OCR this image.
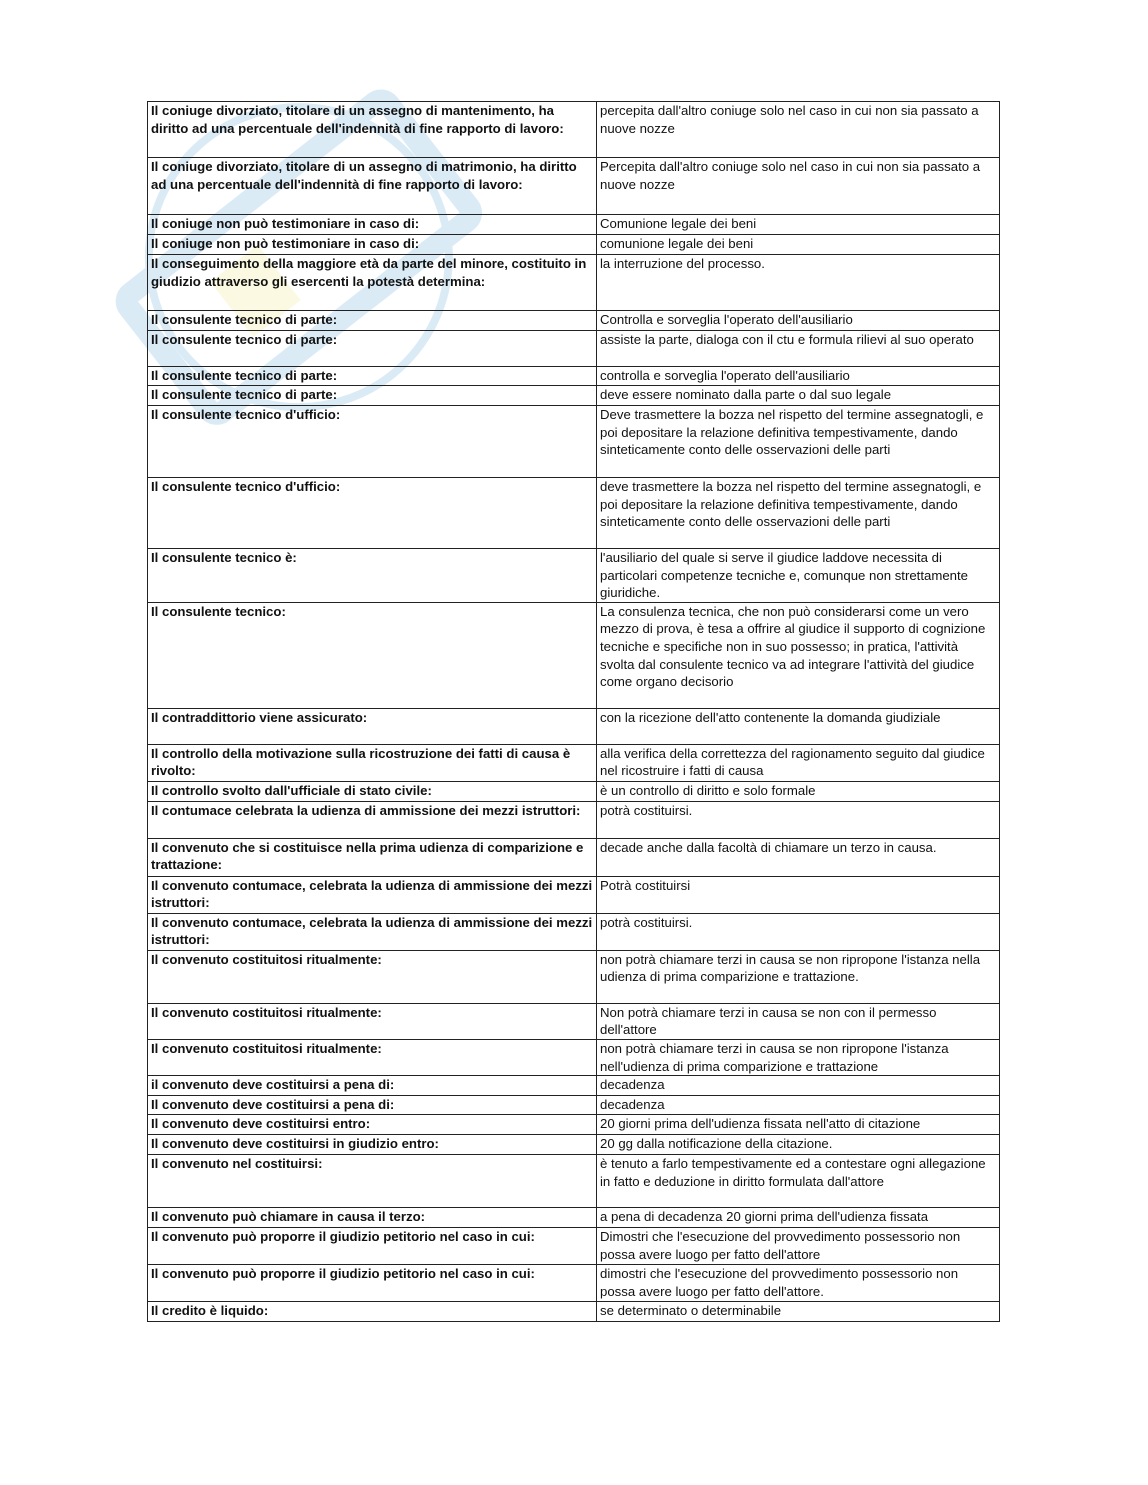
Il coniuge divorziato, titolare di un assegno di mantenimento, ha diritto ad una percentuale dell'indennità di fine rapporto di lavoro:	percepita dall'altro coniuge solo nel caso in cui non sia passato a nuove nozze
Il coniuge divorziato, titolare di un assegno di matrimonio, ha diritto ad una percentuale dell'indennità di fine rapporto di lavoro:	Percepita dall'altro coniuge solo nel caso in cui non sia passato a nuove nozze
Il coniuge non può testimoniare in caso di:	Comunione legale dei beni
Il coniuge non può testimoniare in caso di:	comunione legale dei beni
Il conseguimento della maggiore età da parte del minore, costituito in giudizio attraverso gli esercenti la potestà determina:	la interruzione del processo.
Il consulente tecnico di parte:	Controlla e sorveglia l'operato dell'ausiliario
Il consulente tecnico di parte:	assiste la parte, dialoga con il ctu e formula rilievi al suo operato
Il consulente tecnico di parte:	controlla e sorveglia l'operato dell'ausiliario
Il consulente tecnico di parte:	deve essere nominato dalla parte o dal suo legale
Il consulente tecnico d'ufficio:	Deve trasmettere la bozza nel rispetto del termine assegnatogli, e poi depositare la relazione definitiva tempestivamente, dando sinteticamente conto delle osservazioni delle parti
Il consulente tecnico d'ufficio:	deve trasmettere la bozza nel rispetto del termine assegnatogli, e poi depositare la relazione definitiva tempestivamente, dando sinteticamente conto delle osservazioni delle parti
Il consulente tecnico è:	l'ausiliario del quale si serve il giudice laddove necessita di particolari competenze tecniche e, comunque non strettamente giuridiche.
Il consulente tecnico:	La consulenza tecnica, che non può considerarsi come un vero mezzo di prova, è tesa a offrire al giudice il supporto di cognizione tecniche e specifiche non in suo possesso; in pratica, l'attività svolta dal consulente tecnico va ad integrare l'attività del giudice come organo decisorio
Il contraddittorio viene assicurato:	con la ricezione dell'atto contenente la domanda giudiziale
Il controllo della motivazione sulla ricostruzione dei fatti di causa è rivolto:	alla verifica della correttezza del ragionamento seguito dal giudice nel ricostruire i fatti di causa
Il controllo svolto dall'ufficiale di stato civile:	è un controllo di diritto e solo formale
Il contumace celebrata la udienza di ammissione dei mezzi istruttori:	potrà costituirsi.
Il convenuto che si costituisce nella prima udienza di comparizione e trattazione:	decade anche dalla facoltà di chiamare un terzo in causa.
Il convenuto contumace, celebrata la udienza di ammissione dei mezzi istruttori:	Potrà costituirsi
Il convenuto contumace, celebrata la udienza di ammissione dei mezzi istruttori:	potrà costituirsi.
Il convenuto costituitosi ritualmente:	non potrà chiamare terzi in causa se non ripropone l'istanza nella udienza di prima comparizione e trattazione.
Il convenuto costituitosi ritualmente:	Non potrà chiamare terzi in causa se non con il permesso dell'attore
Il convenuto costituitosi ritualmente:	non potrà chiamare terzi in causa se non ripropone l'istanza nell'udienza di prima comparizione e trattazione
il convenuto deve costituirsi a pena di:	decadenza
Il convenuto deve costituirsi a pena di:	decadenza
Il convenuto deve costituirsi entro:	20 giorni prima dell'udienza fissata nell'atto di citazione
Il convenuto deve costituirsi in giudizio entro:	20 gg dalla notificazione della citazione.
Il convenuto nel costituirsi:	è tenuto a farlo tempestivamente ed a contestare ogni allegazione in fatto e deduzione in diritto formulata dall'attore
Il convenuto può chiamare in causa il terzo:	a pena di decadenza 20 giorni prima dell'udienza fissata
Il convenuto può proporre il giudizio petitorio nel caso in cui:	Dimostri che l'esecuzione del provvedimento possessorio non possa avere luogo per fatto dell'attore
Il convenuto può proporre il giudizio petitorio nel caso in cui:	dimostri che l'esecuzione del provvedimento possessorio non possa avere luogo per fatto dell'attore.
Il credito è liquido:	se determinato o determinabile
